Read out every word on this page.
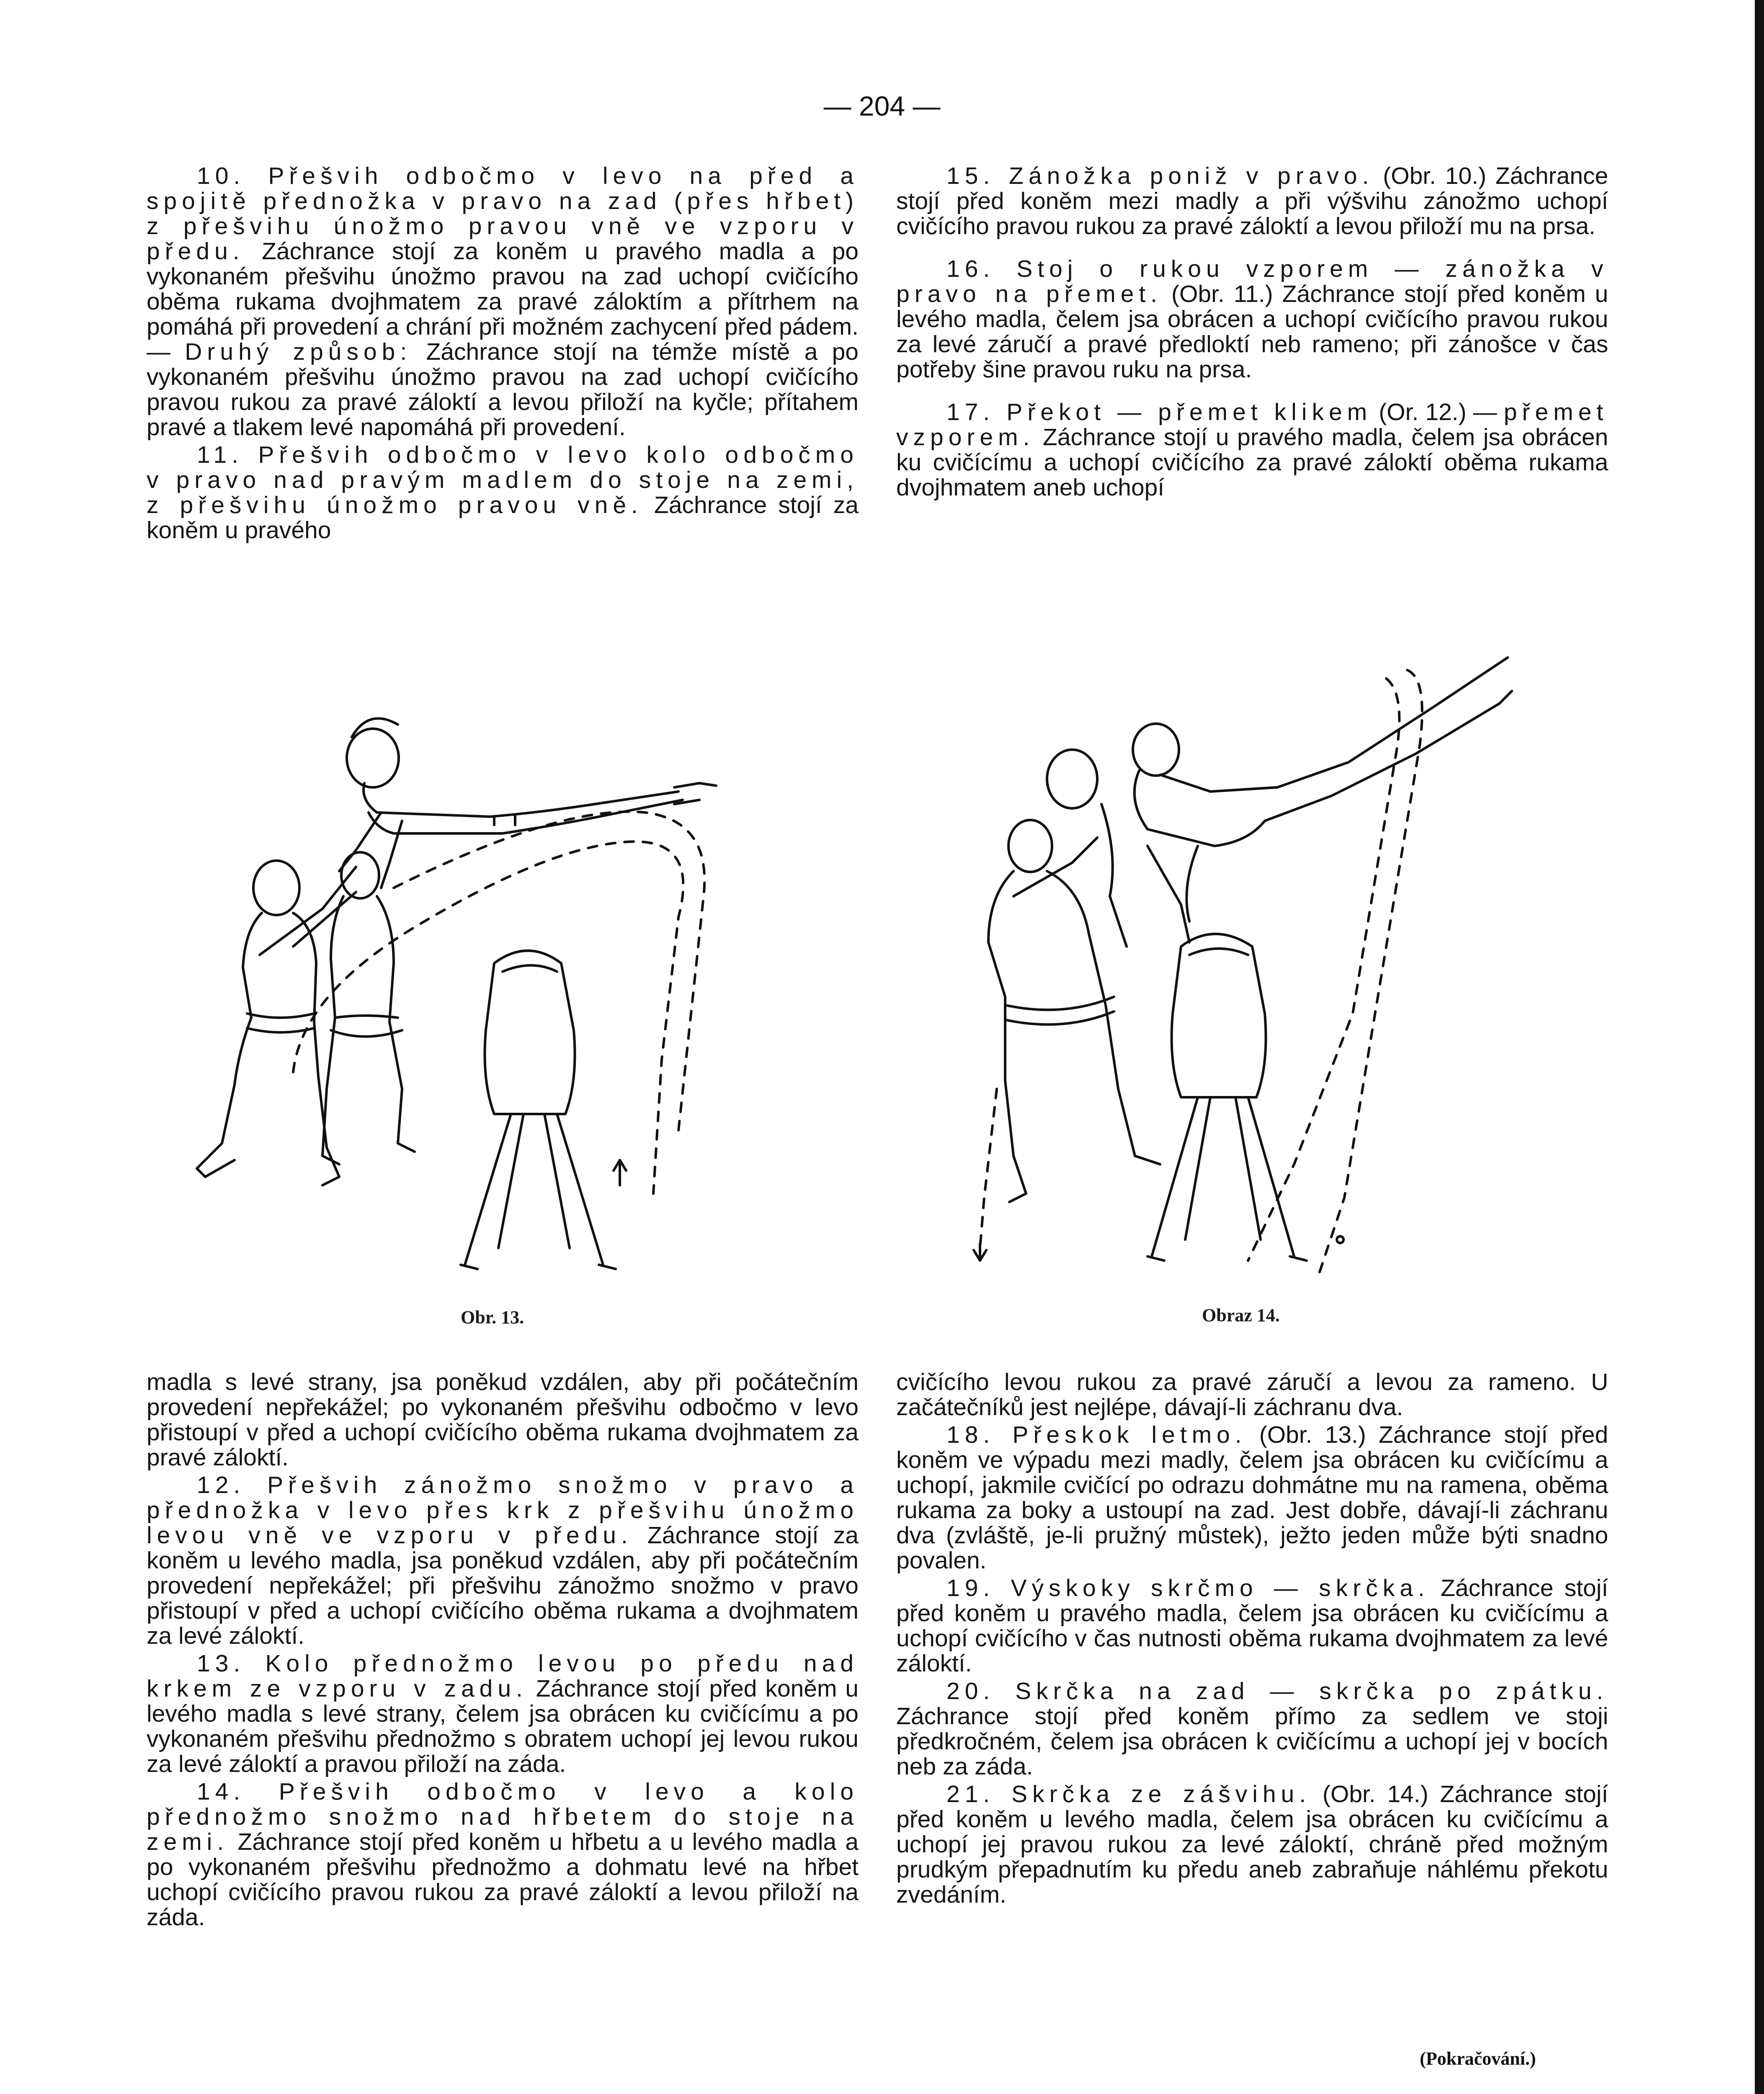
— 204 —

10. Přešvih odbočmo v levo na před a spojitě přednožka v pravo na zad (přes hřbet) z přešvihu únožmo pravou vně ve vzporu v předu. Záchrance stojí za koněm u pravého madla a po vykonaném přešvihu únožmo pravou na zad uchopí cvičícího oběma rukama dvojhmatem za pravé záloktím a přítrhem na pomáhá při provedení a chrání při možném zachycení před pádem. — Druhý způsob: Záchrance stojí na témže místě a po vykonaném přešvihu únožmo pravou na zad uchopí cvičícího pravou rukou za pravé záloktí a levou přiloží na kyčle; přítahem pravé a tlakem levé napomáhá při provedení.

11. Přešvih odbočmo v levo kolo odbočmo v pravo nad pravým madlem do stoje na zemi, z přešvihu únožmo pravou vně. Záchrance stojí za koněm u pravého

15. Zánožka poniž v pravo. (Obr. 10.) Záchrance stojí před koněm mezi madly a při výšvihu zánožmo uchopí cvičícího pravou rukou za pravé záloktí a levou přiloží mu na prsa.

16. Stoj o rukou vzporem — zánožka v pravo na přemet. (Obr. 11.) Záchrance stojí před koněm u levého madla, čelem jsa obrácen a uchopí cvičícího pravou rukou za levé záručí a pravé předloktí neb rameno; při zánošce v čas potřeby šine pravou ruku na prsa.

17. Překot — přemet klikem (Or. 12.) — přemet vzporem. Záchrance stojí u pravého madla, čelem jsa obrácen ku cvičícímu a uchopí cvičícího za pravé záloktí oběma rukama dvojhmatem aneb uchopí

Obr. 13.	Obraz 14.

madla s levé strany, jsa poněkud vzdálen, aby při počátečním provedení nepřekážel; po vykonaném přešvihu odbočmo v levo přistoupí v před a uchopí cvičícího oběma rukama dvojhmatem za pravé záloktí.

12. Přešvih zánožmo snožmo v pravo a přednožka v levo přes krk z přešvihu únožmo levou vně ve vzporu v předu. Záchrance stojí za koněm u levého madla, jsa poněkud vzdálen, aby při počátečním provedení nepřekážel; při přešvihu zánožmo snožmo v pravo přistoupí v před a uchopí cvičícího oběma rukama a dvojhmatem za levé záloktí.

13. Kolo přednožmo levou po předu nad krkem ze vzporu v zadu. Záchrance stojí před koněm u levého madla s levé strany, čelem jsa obrácen ku cvičícímu a po vykonaném přešvihu přednožmo s obratem uchopí jej levou rukou za levé záloktí a pravou přiloží na záda.

14. Přešvih odbočmo v levo a kolo přednožmo snožmo nad hřbetem do stoje na zemi. Záchrance stojí před koněm u hřbetu a u levého madla a po vykonaném přešvihu přednožmo a dohmatu levé na hřbet uchopí cvičícího pravou rukou za pravé záloktí a levou přiloží na záda.

cvičícího levou rukou za pravé záručí a levou za rameno. U začátečníků jest nejlépe, dávají-li záchranu dva.

18. Přeskok letmo. (Obr. 13.) Záchrance stojí před koněm ve výpadu mezi madly, čelem jsa obrácen ku cvičícímu a uchopí, jakmile cvičící po odrazu dohmátne mu na ramena, oběma rukama za boky a ustoupí na zad. Jest dobře, dávají-li záchranu dva (zvláště, je-li pružný můstek), ježto jeden může býti snadno povalen.

19. Výskoky skrčmo — skrčka. Záchrance stojí před koněm u pravého madla, čelem jsa obrácen ku cvičícímu a uchopí cvičícího v čas nutnosti oběma rukama dvojhmatem za levé záloktí.

20. Skrčka na zad — skrčka po zpátku. Záchrance stojí před koněm přímo za sedlem ve stoji předkročném, čelem jsa obrácen k cvičícímu a uchopí jej v bocích neb za záda.

21. Skrčka ze zášvihu. (Obr. 14.) Záchrance stojí před koněm u levého madla, čelem jsa obrácen ku cvičícímu a uchopí jej pravou rukou za levé záloktí, chráně před možným prudkým přepadnutím ku předu aneb zabraňuje náhlému překotu zvedáním.

(Pokračování.)
